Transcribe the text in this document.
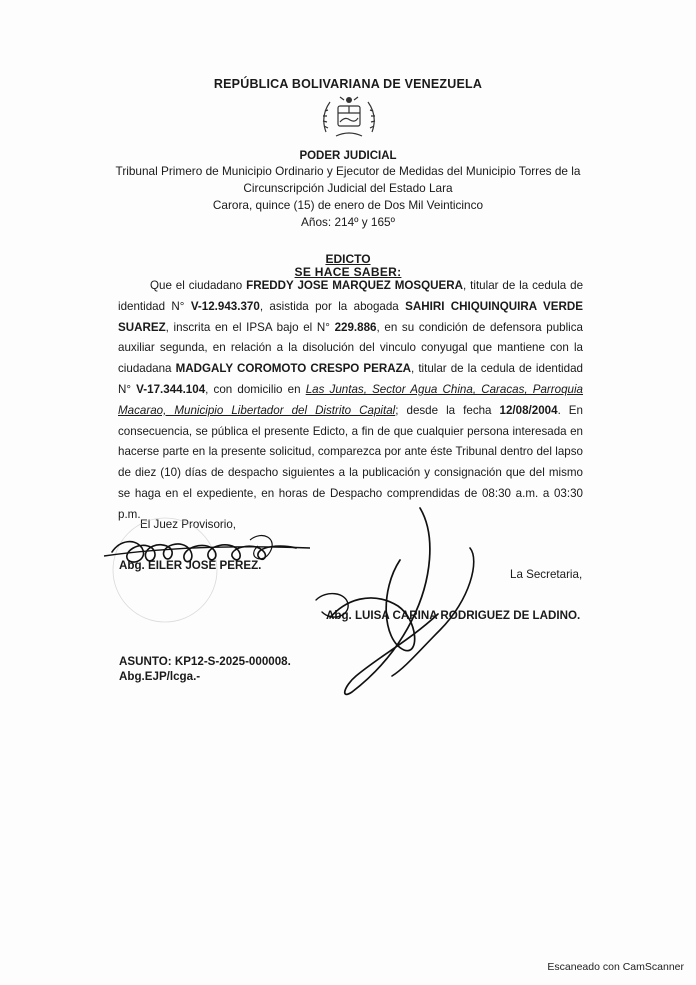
REPÚBLICA BOLIVARIANA DE VENEZUELA
PODER JUDICIAL
Tribunal Primero de Municipio Ordinario y Ejecutor de Medidas del Municipio Torres de la
Circunscripción Judicial del Estado Lara
Carora, quince (15) de enero de Dos Mil Veinticinco
Años: 214º y 165º
EDICTO
SE HACE SABER:
Que el ciudadano FREDDY JOSE MARQUEZ MOSQUERA, titular de la cedula de identidad N° V-12.943.370, asistida por la abogada SAHIRI CHIQUINQUIRA VERDE SUAREZ, inscrita en el IPSA bajo el N° 229.886, en su condición de defensora publica auxiliar segunda, en relación a la disolución del vinculo conyugal que mantiene con la ciudadana MADGALY COROMOTO CRESPO PERAZA, titular de la cedula de identidad N° V-17.344.104, con domicilio en Las Juntas, Sector Agua China, Caracas, Parroquia Macarao, Municipio Libertador del Distrito Capital; desde la fecha 12/08/2004. En consecuencia, se pública el presente Edicto, a fin de que cualquier persona interesada en hacerse parte en la presente solicitud, comparezca por ante éste Tribunal dentro del lapso de diez (10) días de despacho siguientes a la publicación y consignación que del mismo se haga en el expediente, en horas de Despacho comprendidas de 08:30 a.m. a 03:30 p.m.
El Juez Provisorio,
Abg. EILER JOSE PEREZ.
La Secretaria,
Abg. LUISA CARINA RODRIGUEZ DE LADINO.
ASUNTO: KP12-S-2025-000008.
Abg.EJP/lcga.-
Escaneado con CamScanner
